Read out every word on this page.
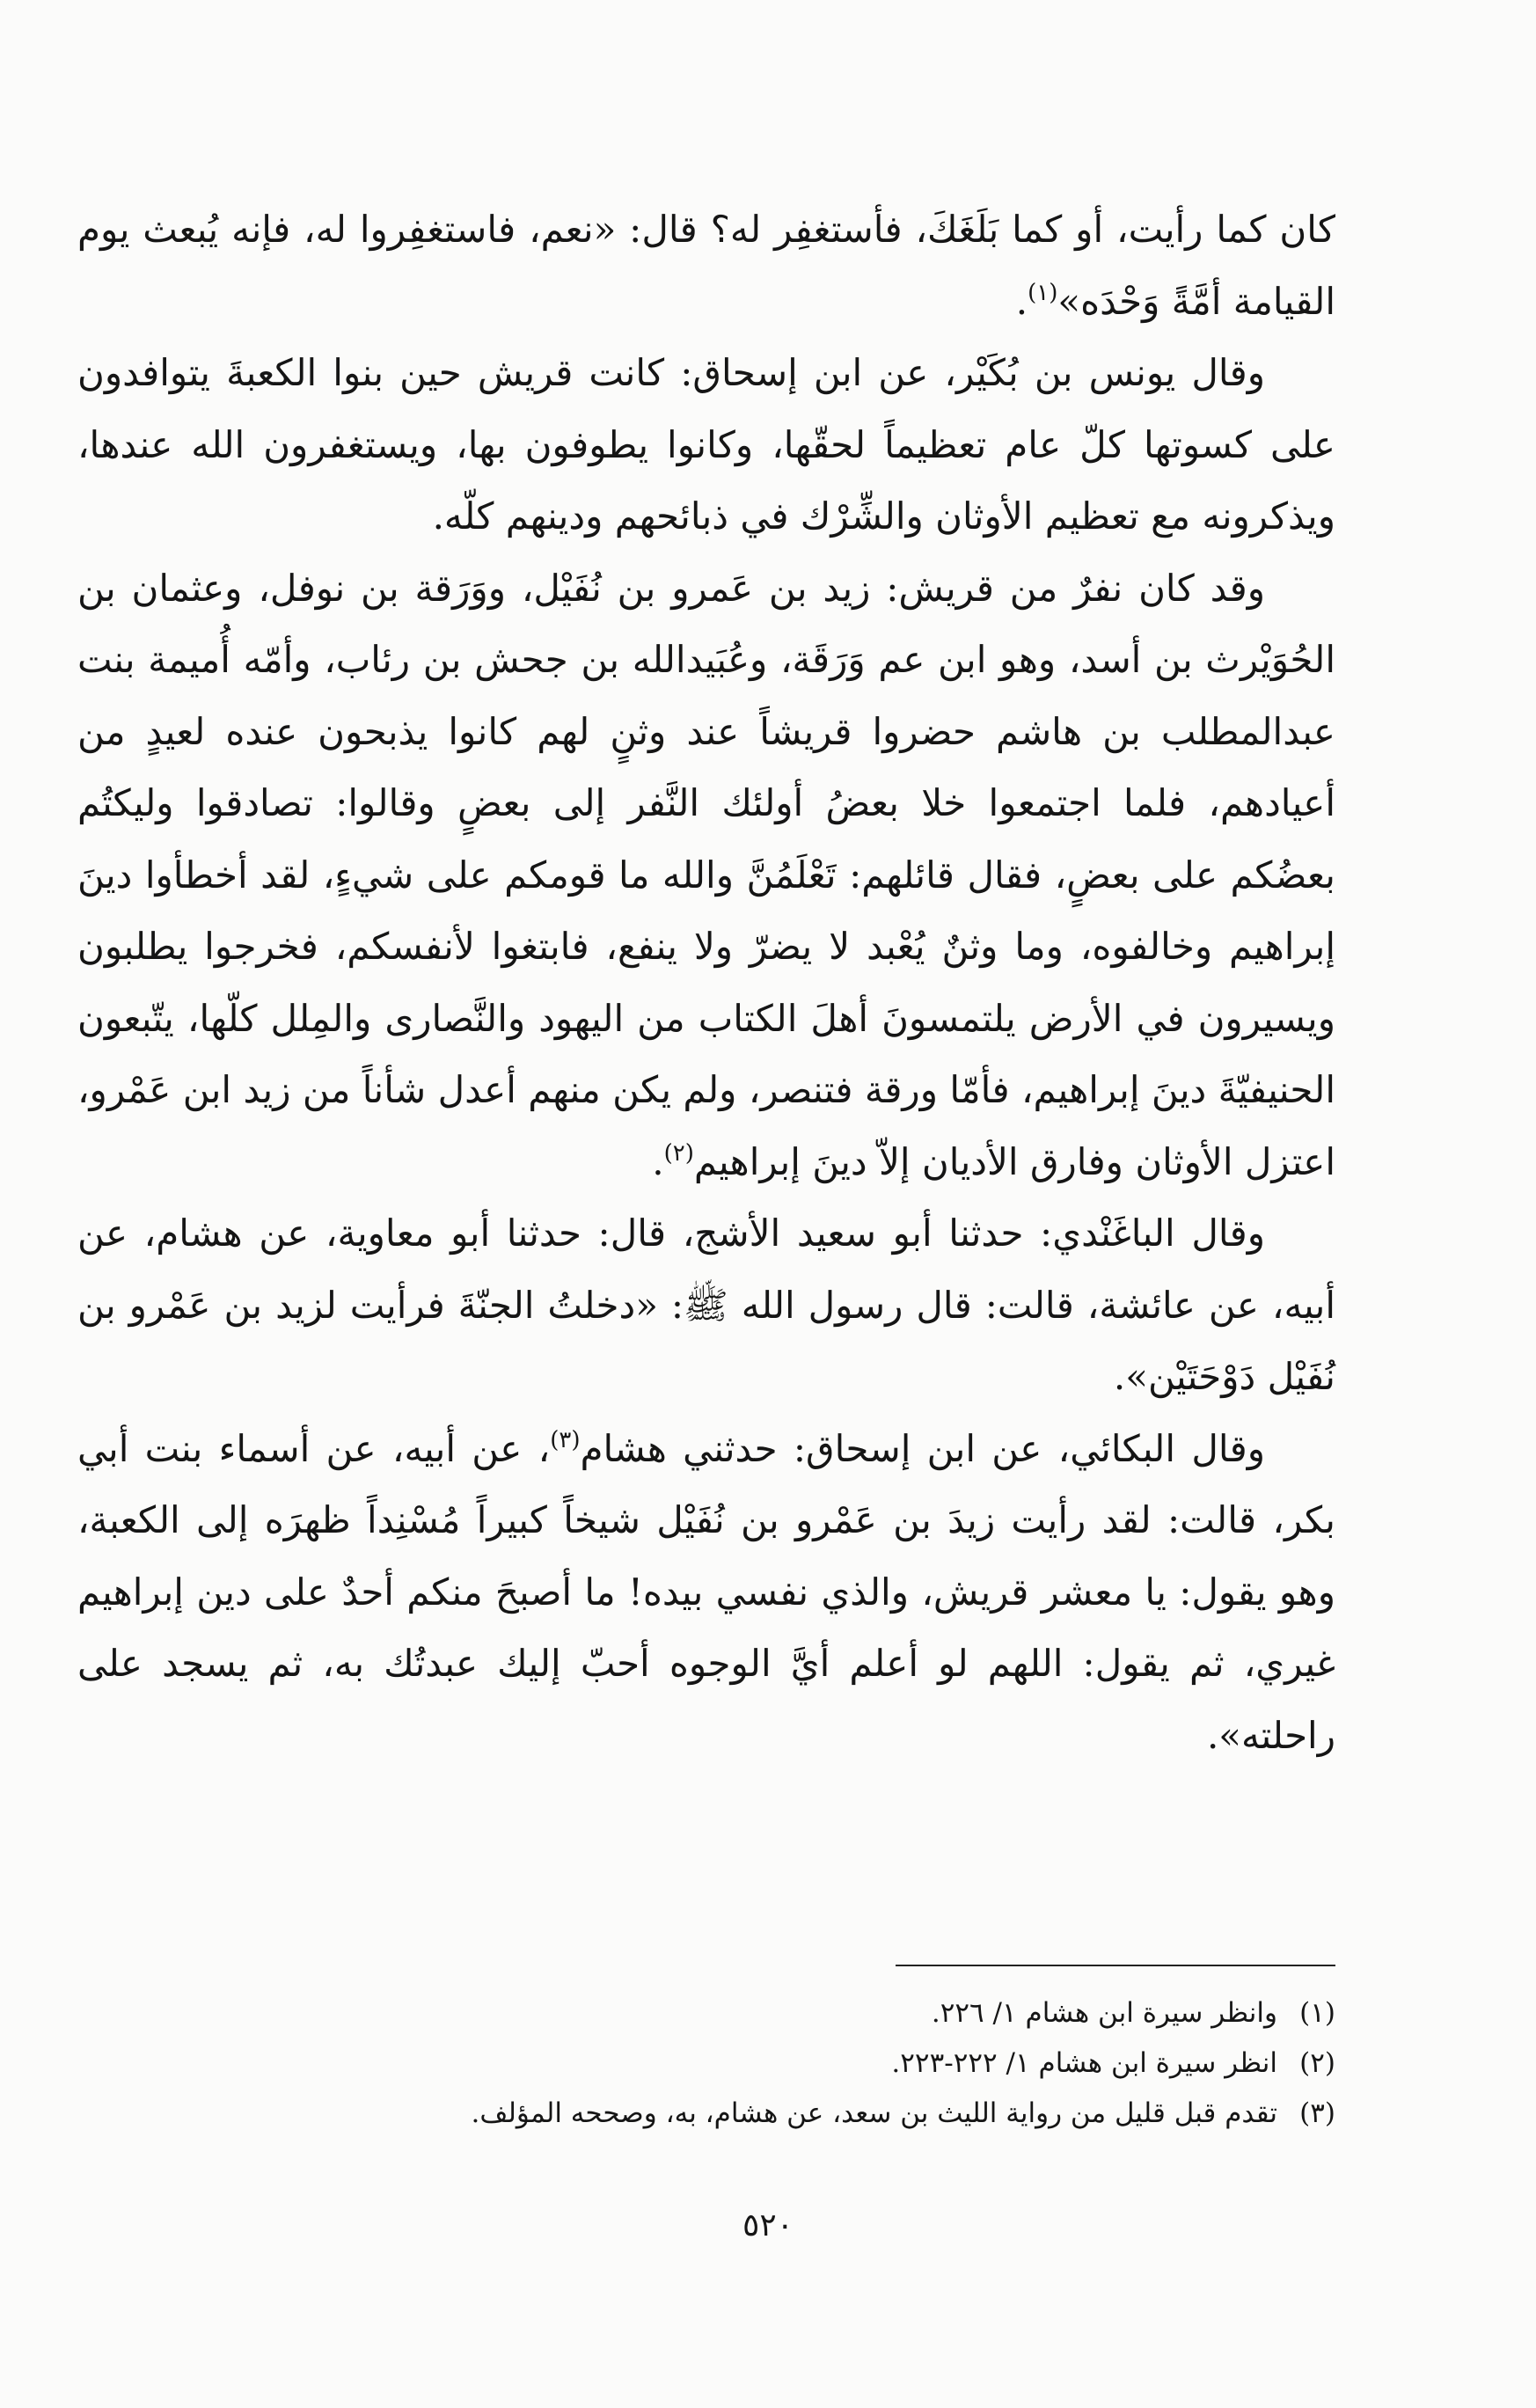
كان كما رأيت، أو كما بَلَغَكَ، فأستغفِر له؟ قال: «نعم، فاستغفِروا له، فإنه يُبعث يوم القيامة أمَّةً وَحْدَه»$^{(١)}$.

وقال يونس بن بُكَيْر، عن ابن إسحاق: كانت قريش حين بنوا الكعبةَ يتوافدون على كسوتها كلّ عام تعظيماً لحقّها، وكانوا يطوفون بها، ويستغفرون الله عندها، ويذكرونه مع تعظيم الأوثان والشِّرْك في ذبائحهم ودينهم كلّه.

وقد كان نفرٌ من قريش: زيد بن عَمرو بن نُفَيْل، ووَرَقة بن نوفل، وعثمان بن الحُوَيْرث بن أسد، وهو ابن عم وَرَقَة، وعُبَيدالله بن جحش بن رئاب، وأمّه أُميمة بنت عبدالمطلب بن هاشم حضروا قريشاً عند وثنٍ لهم كانوا يذبحون عنده لعيدٍ من أعيادهم، فلما اجتمعوا خلا بعضُ أولئك النَّفر إلى بعضٍ وقالوا: تصادقوا وليكتُم بعضُكم على بعضٍ، فقال قائلهم: تَعْلَمُنَّ والله ما قومكم على شيءٍ، لقد أخطأوا دينَ إبراهيم وخالفوه، وما وثنٌ يُعْبد لا يضرّ ولا ينفع، فابتغوا لأنفسكم، فخرجوا يطلبون ويسيرون في الأرض يلتمسونَ أهلَ الكتاب من اليهود والنَّصارى والمِلل كلّها، يتّبعون الحنيفيّةَ دينَ إبراهيم، فأمّا ورقة فتنصر، ولم يكن منهم أعدل شأناً من زيد ابن عَمْرو، اعتزل الأوثان وفارق الأديان إلاّ دينَ إبراهيم$^{(٢)}$.

وقال الباغَنْدي: حدثنا أبو سعيد الأشج، قال: حدثنا أبو معاوية، عن هشام، عن أبيه، عن عائشة، قالت: قال رسول الله ﷺ: «دخلتُ الجنّةَ فرأيت لزيد بن عَمْرو بن نُفَيْل دَوْحَتَيْن».

وقال البكائي، عن ابن إسحاق: حدثني هشام$^{(٣)}$، عن أبيه، عن أسماء بنت أبي بكر، قالت: لقد رأيت زيدَ بن عَمْرو بن نُفَيْل شيخاً كبيراً مُسْنِداً ظهرَه إلى الكعبة، وهو يقول: يا معشر قريش، والذي نفسي بيده! ما أصبحَ منكم أحدٌ على دين إبراهيم غيري، ثم يقول: اللهم لو أعلم أيَّ الوجوه أحبّ إليك عبدتُك به، ثم يسجد على راحلته».

(١)وانظر سيرة ابن هشام ١/ ٢٢٦.
(٢)انظر سيرة ابن هشام ١/ ٢٢٢-٢٢٣.
(٣)تقدم قبل قليل من رواية الليث بن سعد، عن هشام، به، وصححه المؤلف.
٥٢٠
